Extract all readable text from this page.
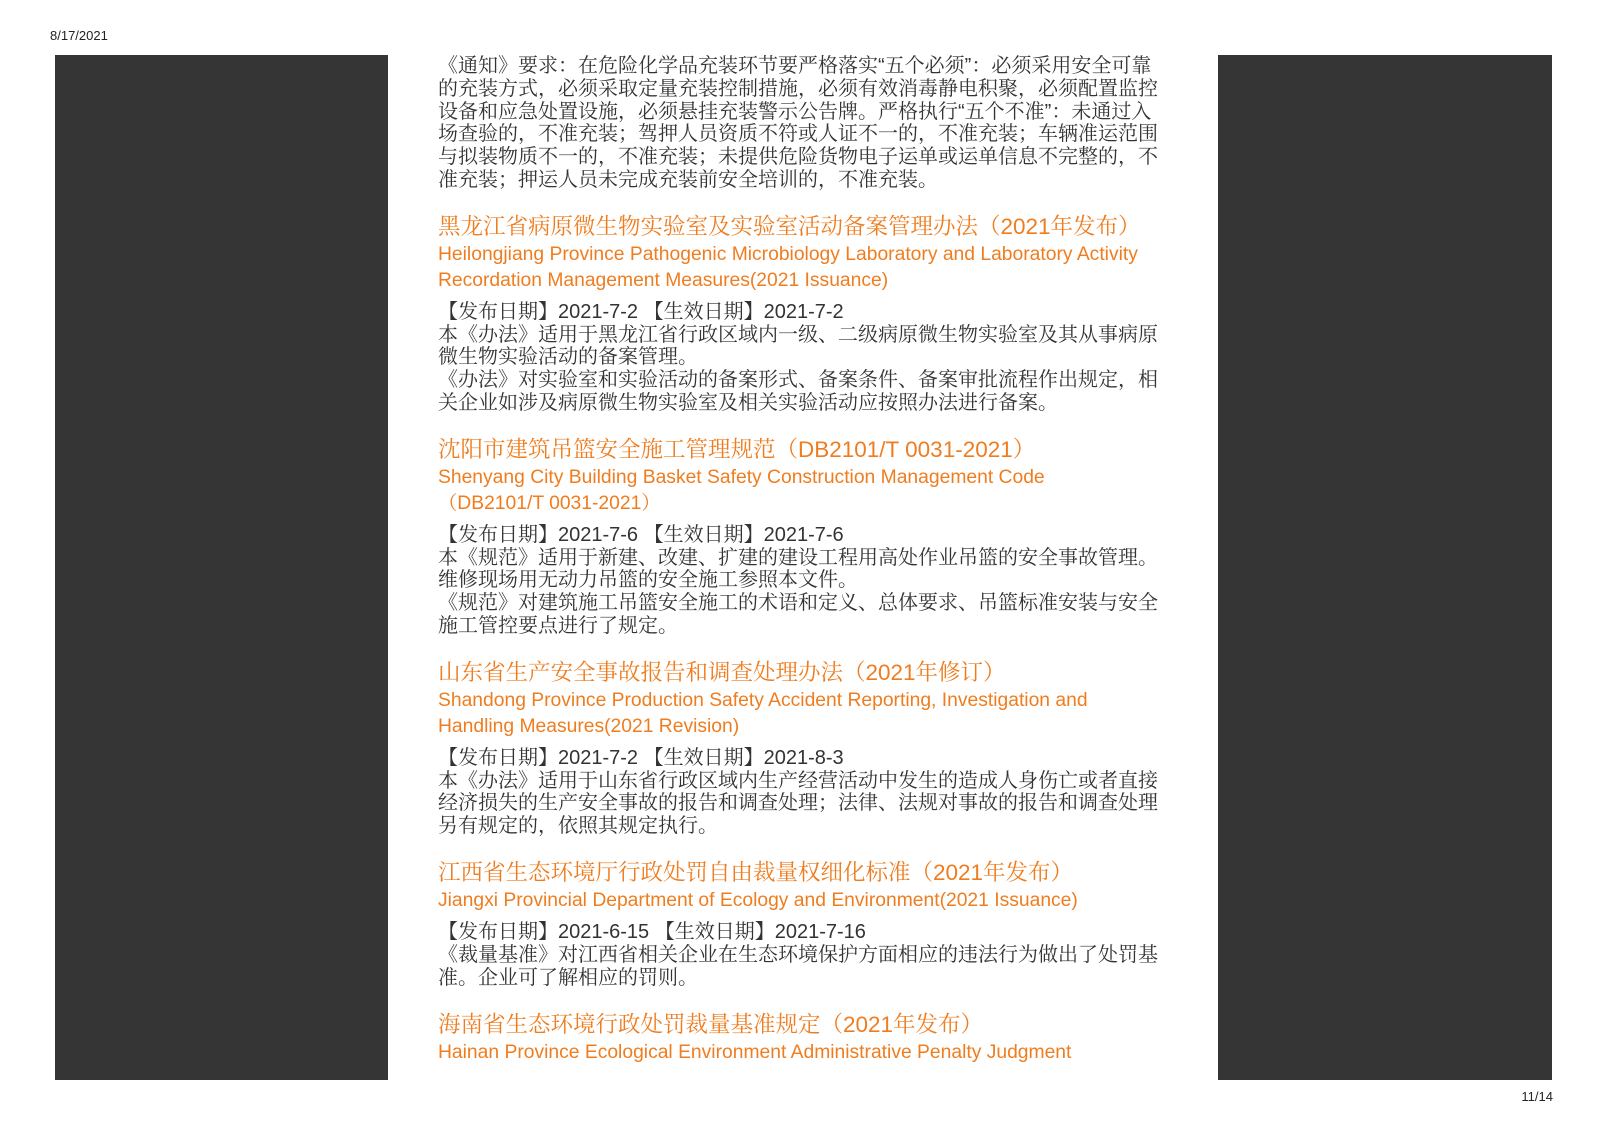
8/17/2021
《通知》要求：在危险化学品充装环节要严格落实“五个必须”：必须采用安全可靠
的充装方式，必须采取定量充装控制措施，必须有效消毒静电积聚，必须配置监控
设备和应急处置设施，必须悬挂充装警示公告牌。严格执行“五个不准”：未通过入
场查验的，不准充装；驾押人员资质不符或人证不一的，不准充装；车辆准运范围
与拟装物质不一的，不准充装；未提供危险货物电子运单或运单信息不完整的，不
准充装；押运人员未完成充装前安全培训的，不准充装。
黑龙江省病原微生物实验室及实验室活动备案管理办法（2021年发布）
Heilongjiang Province Pathogenic Microbiology Laboratory and Laboratory Activity
Recordation Management Measures(2021 Issuance)
【发布日期】2021-7-2 【生效日期】2021-7-2
本《办法》适用于黑龙江省行政区域内一级、二级病原微生物实验室及其从事病原
微生物实验活动的备案管理。
《办法》对实验室和实验活动的备案形式、备案条件、备案审批流程作出规定，相
关企业如涉及病原微生物实验室及相关实验活动应按照办法进行备案。
沈阳市建筑吊篮安全施工管理规范（DB2101/T 0031-2021）
Shenyang City Building Basket Safety Construction Management Code
（DB2101/T 0031-2021）
【发布日期】2021-7-6 【生效日期】2021-7-6
本《规范》适用于新建、改建、扩建的建设工程用高处作业吊篮的安全事故管理。
维修现场用无动力吊篮的安全施工参照本文件。
《规范》对建筑施工吊篮安全施工的术语和定义、总体要求、吊篮标准安装与安全
施工管控要点进行了规定。
山东省生产安全事故报告和调查处理办法（2021年修订）
Shandong Province Production Safety Accident Reporting, Investigation and
Handling Measures(2021 Revision)
【发布日期】2021-7-2 【生效日期】2021-8-3
本《办法》适用于山东省行政区域内生产经营活动中发生的造成人身伤亡或者直接
经济损失的生产安全事故的报告和调查处理；法律、法规对事故的报告和调查处理
另有规定的，依照其规定执行。
江西省生态环境厅行政处罚自由裁量权细化标准（2021年发布）
Jiangxi Provincial Department of Ecology and Environment(2021 Issuance)
【发布日期】2021-6-15 【生效日期】2021-7-16
《裁量基准》对江西省相关企业在生态环境保护方面相应的违法行为做出了处罚基
准。企业可了解相应的罚则。
海南省生态环境行政处罚裁量基准规定（2021年发布）
Hainan Province Ecological Environment Administrative Penalty Judgment
11/14
